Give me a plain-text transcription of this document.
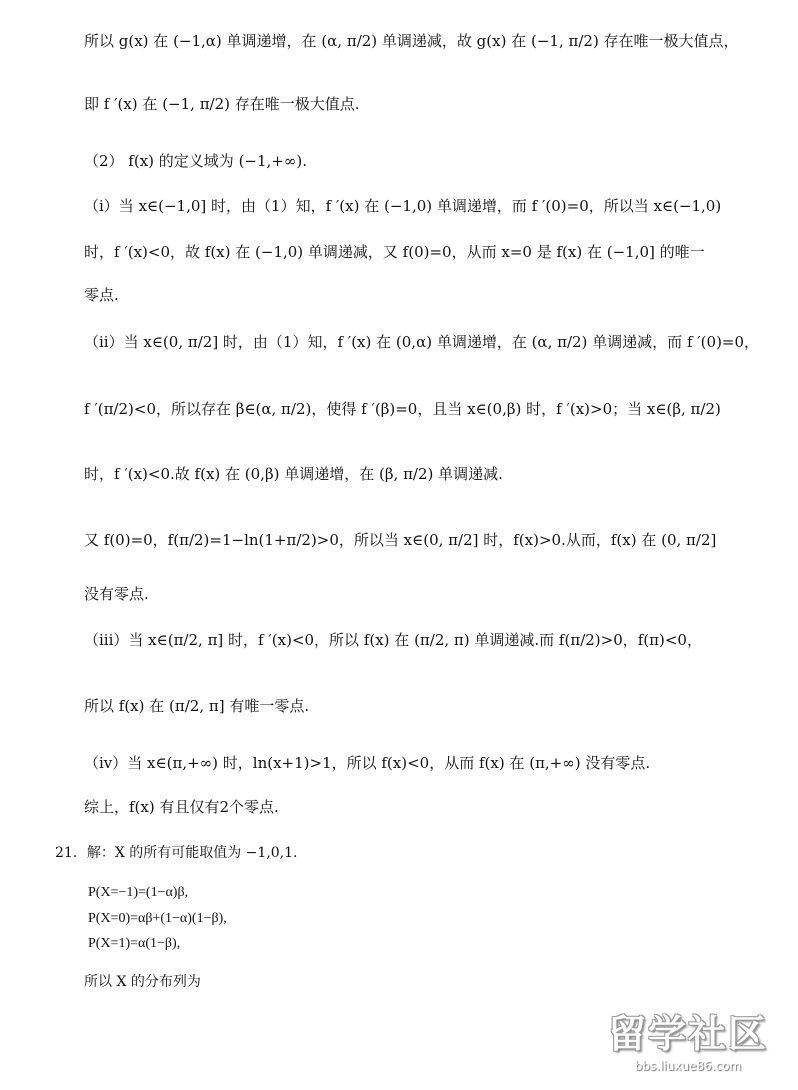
所以 g(x) 在 (−1,α) 单调递增，在 (α, π/2) 单调递减，故 g(x) 在 (−1, π/2) 存在唯一极大值点，

即 f ′(x) 在 (−1, π/2) 存在唯一极大值点.

（2） f(x) 的定义域为 (−1,+∞).

（i）当 x∈(−1,0] 时，由（1）知，f ′(x) 在 (−1,0) 单调递增，而 f ′(0)=0，所以当 x∈(−1,0)

时，f ′(x)<0，故 f(x) 在 (−1,0) 单调递减，又 f(0)=0，从而 x=0 是 f(x) 在 (−1,0] 的唯一

零点.

（ii）当 x∈(0, π/2] 时，由（1）知，f ′(x) 在 (0,α) 单调递增，在 (α, π/2) 单调递减，而 f ′(0)=0，

f ′(π/2)<0，所以存在 β∈(α, π/2)，使得 f ′(β)=0，且当 x∈(0,β) 时，f ′(x)>0；当 x∈(β, π/2)

时，f ′(x)<0.故 f(x) 在 (0,β) 单调递增，在 (β, π/2) 单调递减.

又 f(0)=0，f(π/2)=1−ln(1+π/2)>0，所以当 x∈(0, π/2] 时，f(x)>0.从而，f(x) 在 (0, π/2]

没有零点.

（iii）当 x∈(π/2, π] 时，f ′(x)<0，所以 f(x) 在 (π/2, π) 单调递减.而 f(π/2)>0，f(π)<0，

所以 f(x) 在 (π/2, π] 有唯一零点.

（iv）当 x∈(π,+∞) 时，ln(x+1)>1，所以 f(x)<0，从而 f(x) 在 (π,+∞) 没有零点.

综上，f(x) 有且仅有2个零点.

21．解：X 的所有可能取值为 −1,0,1.

P(X=−1)=(1−α)β,

P(X=0)=αβ+(1−α)(1−β),

P(X=1)=α(1−β),

所以 X 的分布列为

留学社区
bbs.liuxue86.com
